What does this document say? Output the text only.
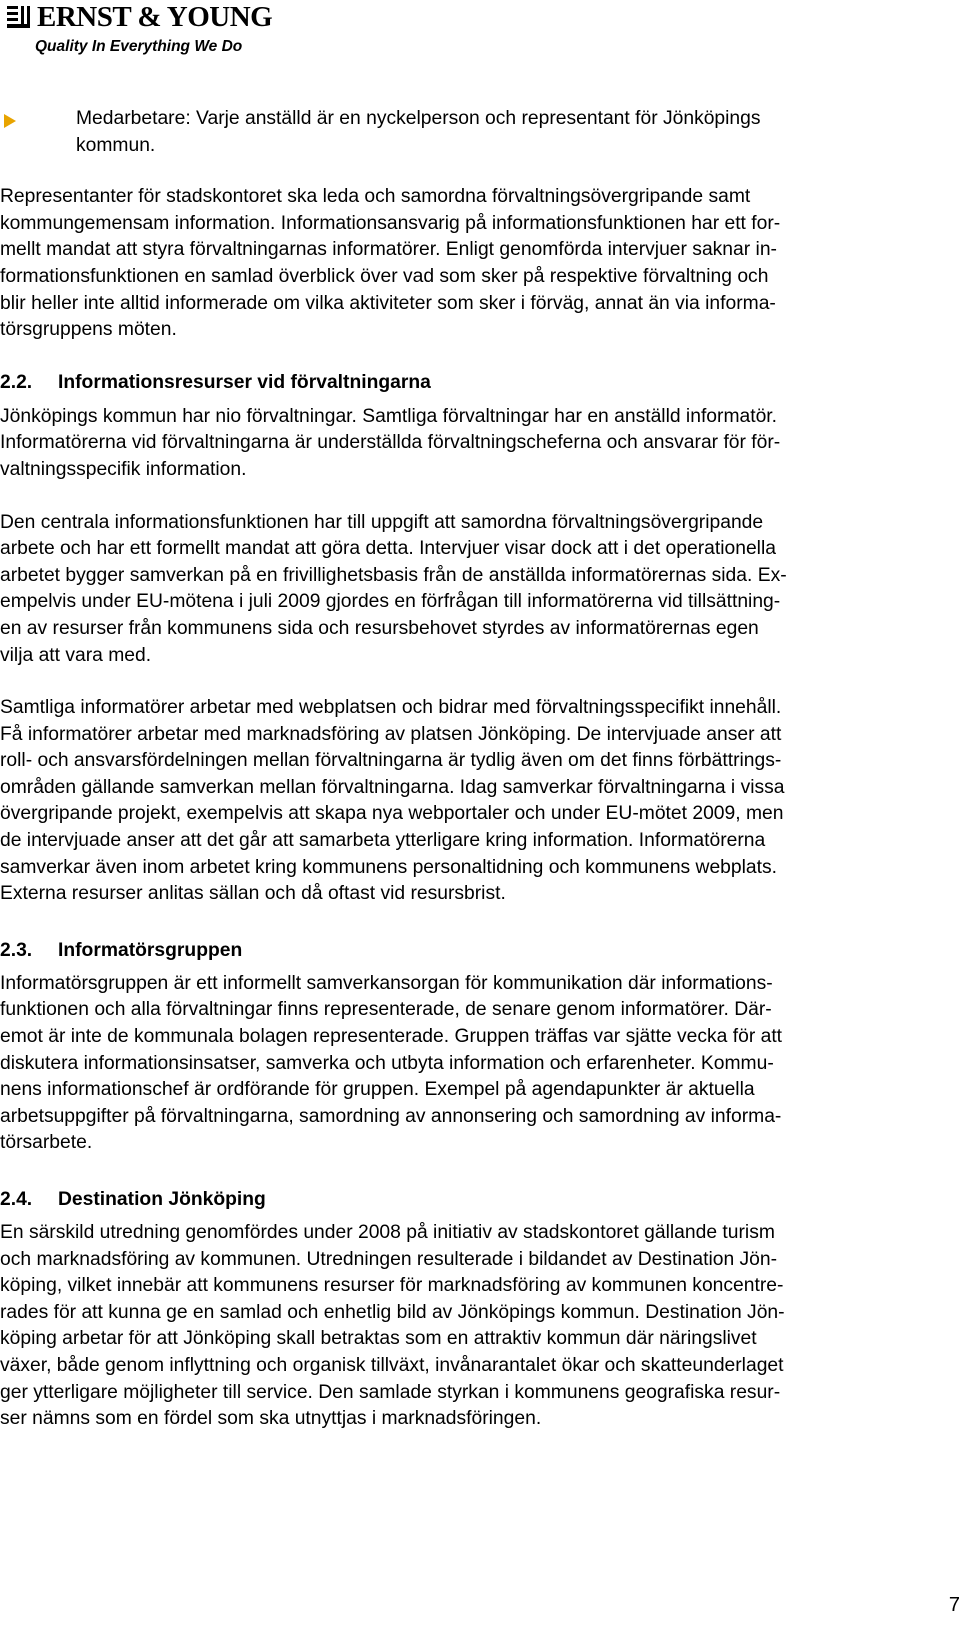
ERNST & YOUNG
Quality In Everything We Do
Medarbetare: Varje anställd är en nyckelperson och representant för Jönköpings
kommun.
Representanter för stadskontoret ska leda och samordna förvaltningsövergripande samt
kommungemensam information. Informationsansvarig på informationsfunktionen har ett for-
mellt mandat att styra förvaltningarnas informatörer. Enligt genomförda intervjuer saknar in-
formationsfunktionen en samlad överblick över vad som sker på respektive förvaltning och
blir heller inte alltid informerade om vilka aktiviteter som sker i förväg, annat än via informa-
törsgruppens möten.
2.2. Informationsresurser vid förvaltningarna
Jönköpings kommun har nio förvaltningar. Samtliga förvaltningar har en anställd informatör.
Informatörerna vid förvaltningarna är underställda förvaltningscheferna och ansvarar för för-
valtningsspecifik information.
Den centrala informationsfunktionen har till uppgift att samordna förvaltningsövergripande
arbete och har ett formellt mandat att göra detta. Intervjuer visar dock att i det operationella
arbetet bygger samverkan på en frivillighetsbasis från de anställda informatörernas sida. Ex-
empelvis under EU-mötena i juli 2009 gjordes en förfrågan till informatörerna vid tillsättning-
en av resurser från kommunens sida och resursbehovet styrdes av informatörernas egen
vilja att vara med.
Samtliga informatörer arbetar med webplatsen och bidrar med förvaltningsspecifikt innehåll.
Få informatörer arbetar med marknadsföring av platsen Jönköping. De intervjuade anser att
roll- och ansvarsfördelningen mellan förvaltningarna är tydlig även om det finns förbättrings-
områden gällande samverkan mellan förvaltningarna. Idag samverkar förvaltningarna i vissa
övergripande projekt, exempelvis att skapa nya webportaler och under EU-mötet 2009, men
de intervjuade anser att det går att samarbeta ytterligare kring information. Informatörerna
samverkar även inom arbetet kring kommunens personaltidning och kommunens webplats.
Externa resurser anlitas sällan och då oftast vid resursbrist.
2.3. Informatörsgruppen
Informatörsgruppen är ett informellt samverkansorgan för kommunikation där informations-
funktionen och alla förvaltningar finns representerade, de senare genom informatörer. Där-
emot är inte de kommunala bolagen representerade. Gruppen träffas var sjätte vecka för att
diskutera informationsinsatser, samverka och utbyta information och erfarenheter. Kommu-
nens informationschef är ordförande för gruppen. Exempel på agendapunkter är aktuella
arbetsuppgifter på förvaltningarna, samordning av annonsering och samordning av informa-
törsarbete.
2.4. Destination Jönköping
En särskild utredning genomfördes under 2008 på initiativ av stadskontoret gällande turism
och marknadsföring av kommunen. Utredningen resulterade i bildandet av Destination Jön-
köping, vilket innebär att kommunens resurser för marknadsföring av kommunen koncentre-
rades för att kunna ge en samlad och enhetlig bild av Jönköpings kommun. Destination Jön-
köping arbetar för att Jönköping skall betraktas som en attraktiv kommun där näringslivet
växer, både genom inflyttning och organisk tillväxt, invånarantalet ökar och skatteunderlaget
ger ytterligare möjligheter till service. Den samlade styrkan i kommunens geografiska resur-
ser nämns som en fördel som ska utnyttjas i marknadsföringen.
7
